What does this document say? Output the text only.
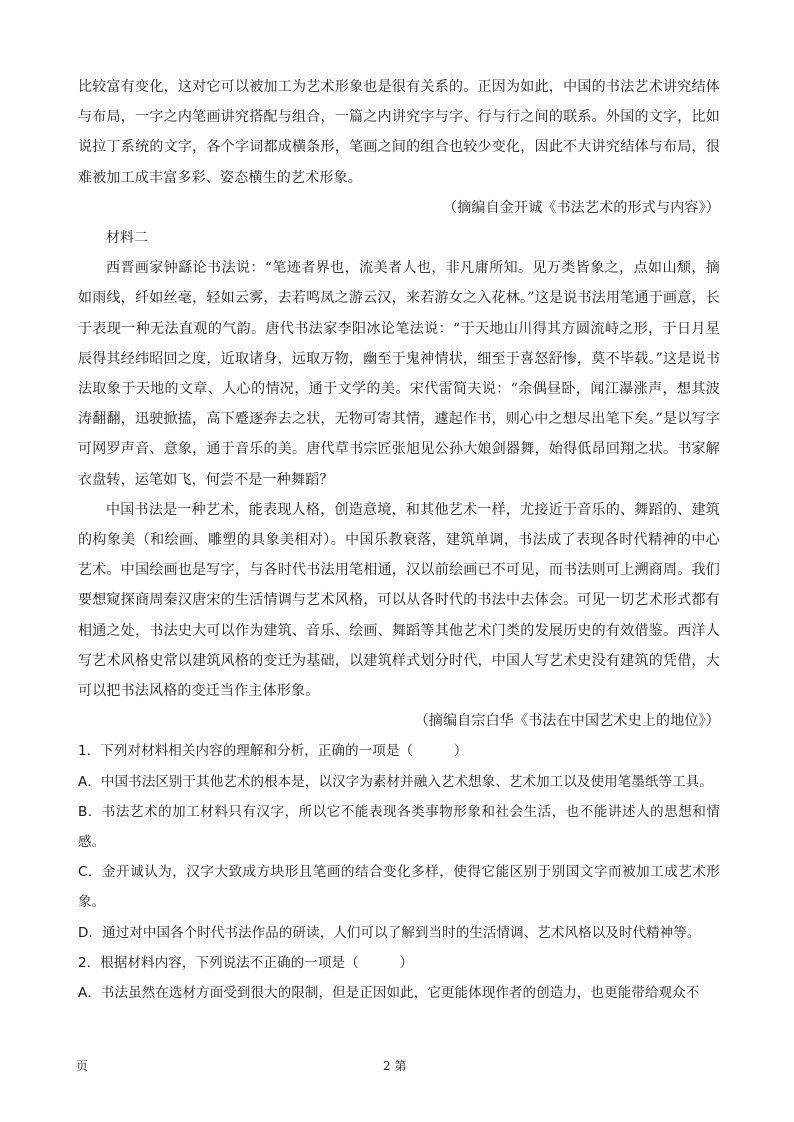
比较富有变化，这对它可以被加工为艺术形象也是很有关系的。正因为如此，中国的书法艺术讲究结体与布局，一字之内笔画讲究搭配与组合，一篇之内讲究字与字、行与行之间的联系。外国的文字，比如说拉丁系统的文字，各个字词都成横条形，笔画之间的组合也较少变化，因此不大讲究结体与布局，很难被加工成丰富多彩、姿态横生的艺术形象。

（摘编自金开诚《书法艺术的形式与内容》）

材料二

西晋画家钟繇论书法说：“笔迹者界也，流美者人也，非凡庸所知。见万类皆象之，点如山颓，摘如雨线，纤如丝毫，轻如云雾，去若鸣凤之游云汉，来若游女之入花林。”这是说书法用笔通于画意，长于表现一种无法直观的气韵。唐代书法家李阳冰论笔法说：“于天地山川得其方圆流峙之形，于日月星辰得其经纬昭回之度，近取诸身，远取万物，幽至于鬼神情状，细至于喜怒舒惨，莫不毕载。”这是说书法取象于天地的文章、人心的情况，通于文学的美。宋代雷简夫说：“余偶昼卧，闻江瀑涨声，想其波涛翻翻，迅驶掀搕，高下蹙逐奔去之状，无物可寄其情，遽起作书，则心中之想尽出笔下矣。”是以写字可网罗声音、意象，通于音乐的美。唐代草书宗匠张旭见公孙大娘剑器舞，始得低昂回翔之状。书家解衣盘转，运笔如飞，何尝不是一种舞蹈？

中国书法是一种艺术，能表现人格，创造意境，和其他艺术一样，尤接近于音乐的、舞蹈的、建筑的构象美（和绘画、雕塑的具象美相对）。中国乐教衰落，建筑单调，书法成了表现各时代精神的中心艺术。中国绘画也是写字，与各时代书法用笔相通，汉以前绘画已不可见，而书法则可上溯商周。我们要想窥探商周秦汉唐宋的生活情调与艺术风格，可以从各时代的书法中去体会。可见一切艺术形式都有相通之处，书法史大可以作为建筑、音乐、绘画、舞蹈等其他艺术门类的发展历史的有效借鉴。西洋人写艺术风格史常以建筑风格的变迁为基础，以建筑样式划分时代，中国人写艺术史没有建筑的凭借，大可以把书法风格的变迁当作主体形象。

（摘编自宗白华《书法在中国艺术史上的地位》）

1．下列对材料相关内容的理解和分析，正确的一项是（　　　）

A．中国书法区别于其他艺术的根本是，以汉字为素材并融入艺术想象、艺术加工以及使用笔墨纸等工具。

B．书法艺术的加工材料只有汉字，所以它不能表现各类事物形象和社会生活，也不能讲述人的思想和情感。

C．金开诚认为，汉字大致成方块形且笔画的结合变化多样，使得它能区别于别国文字而被加工成艺术形象。

D．通过对中国各个时代书法作品的研读，人们可以了解到当时的生活情调、艺术风格以及时代精神等。

2．根据材料内容，下列说法不正确的一项是（　　　）

A．书法虽然在选材方面受到很大的限制，但是正因如此，它更能体现作者的创造力，也更能带给观众不

页	2 第
